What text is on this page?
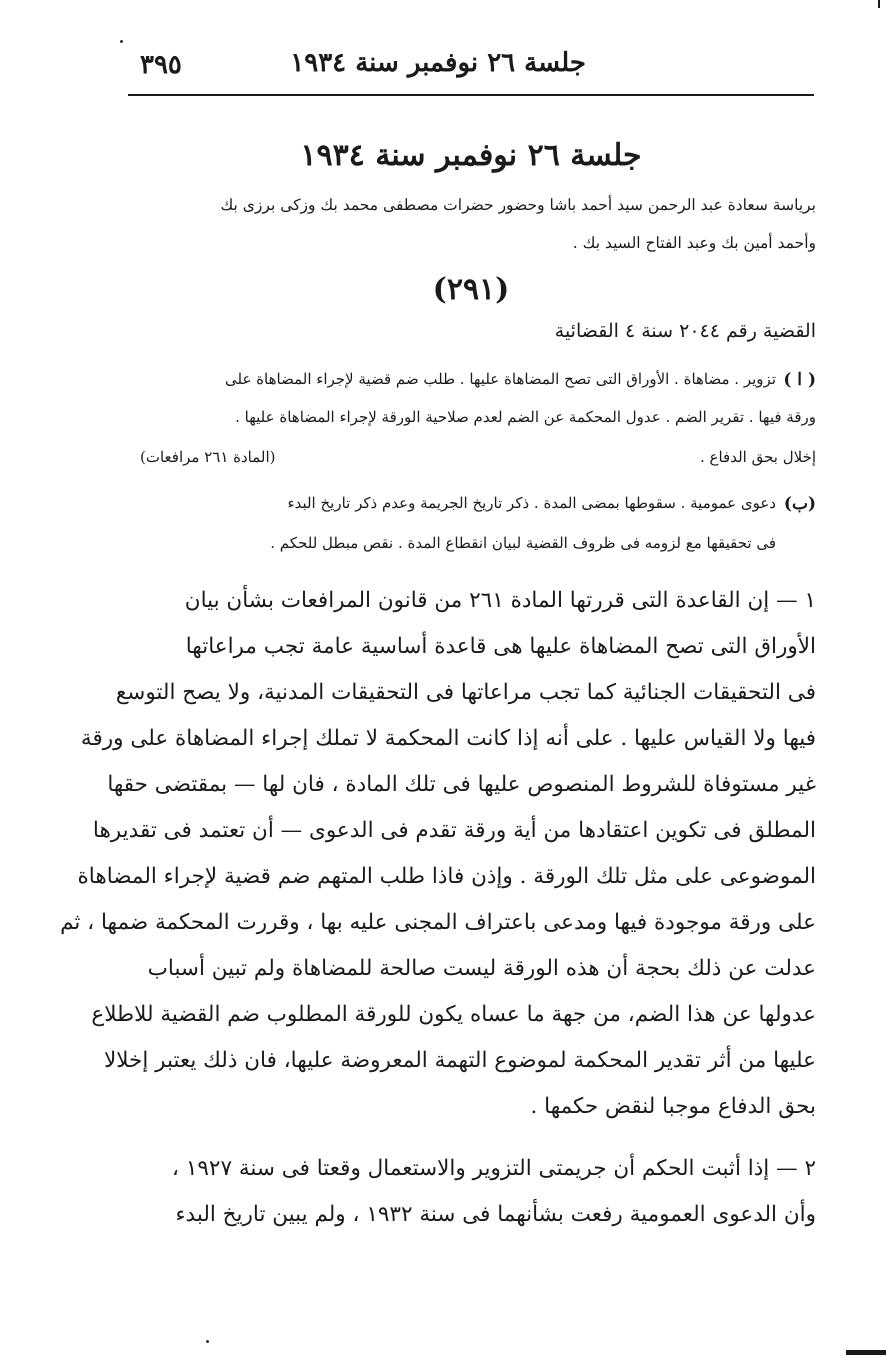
جلسة ٢٦ نوفمبر سنة ١٩٣٤
٣٩٥
جلسة ٢٦ نوفمبر سنة ١٩٣٤
برياسة سعادة عبد الرحمن سيد أحمد باشا وحضور حضرات مصطفى محمد بك وزكى برزى بك
وأحمد أمين بك وعبد الفتاح السيد بك .
(٢٩١)
القضية رقم ٢٠٤٤ سنة ٤ القضائية
( ا )
تزوير . مضاهاة . الأوراق التى تصح المضاهاة عليها . طلب ضم قضية لإجراء المضاهاة على
ورقة فيها . تقرير الضم . عدول المحكمة عن الضم لعدم صلاحية الورقة لإجراء المضاهاة عليها .
إخلال بحق الدفاع .
(المادة ٢٦١ مرافعات)
(ب)
دعوى عمومية . سقوطها بمضى المدة . ذكر تاريخ الجريمة وعدم ذكر تاريخ البدء
فى تحقيقها مع لزومه فى ظروف القضية لبيان انقطاع المدة . نقص مبطل للحكم .
١ — إن القاعدة التى قررتها المادة ٢٦١ من قانون المرافعات بشأن بيان
الأوراق التى تصح المضاهاة عليها هى قاعدة أساسية عامة تجب مراعاتها
فى التحقيقات الجنائية كما تجب مراعاتها فى التحقيقات المدنية، ولا يصح التوسع
فيها ولا القياس عليها . على أنه إذا كانت المحكمة لا تملك إجراء المضاهاة على ورقة
غير مستوفاة للشروط المنصوص عليها فى تلك المادة ، فان لها — بمقتضى حقها
المطلق فى تكوين اعتقادها من أية ورقة تقدم فى الدعوى — أن تعتمد فى تقديرها
الموضوعى على مثل تلك الورقة . وإذن فاذا طلب المتهم ضم قضية لإجراء المضاهاة
على ورقة موجودة فيها ومدعى باعتراف المجنى عليه بها ، وقررت المحكمة ضمها ، ثم
عدلت عن ذلك بحجة أن هذه الورقة ليست صالحة للمضاهاة ولم تبين أسباب
عدولها عن هذا الضم، من جهة ما عساه يكون للورقة المطلوب ضم القضية للاطلاع
عليها من أثر تقدير المحكمة لموضوع التهمة المعروضة عليها، فان ذلك يعتبر إخلالا
بحق الدفاع موجبا لنقض حكمها .
٢ — إذا أثبت الحكم أن جريمتى التزوير والاستعمال وقعتا فى سنة ١٩٢٧ ،
وأن الدعوى العمومية رفعت بشأنهما فى سنة ١٩٣٢ ، ولم يبين تاريخ البدء
